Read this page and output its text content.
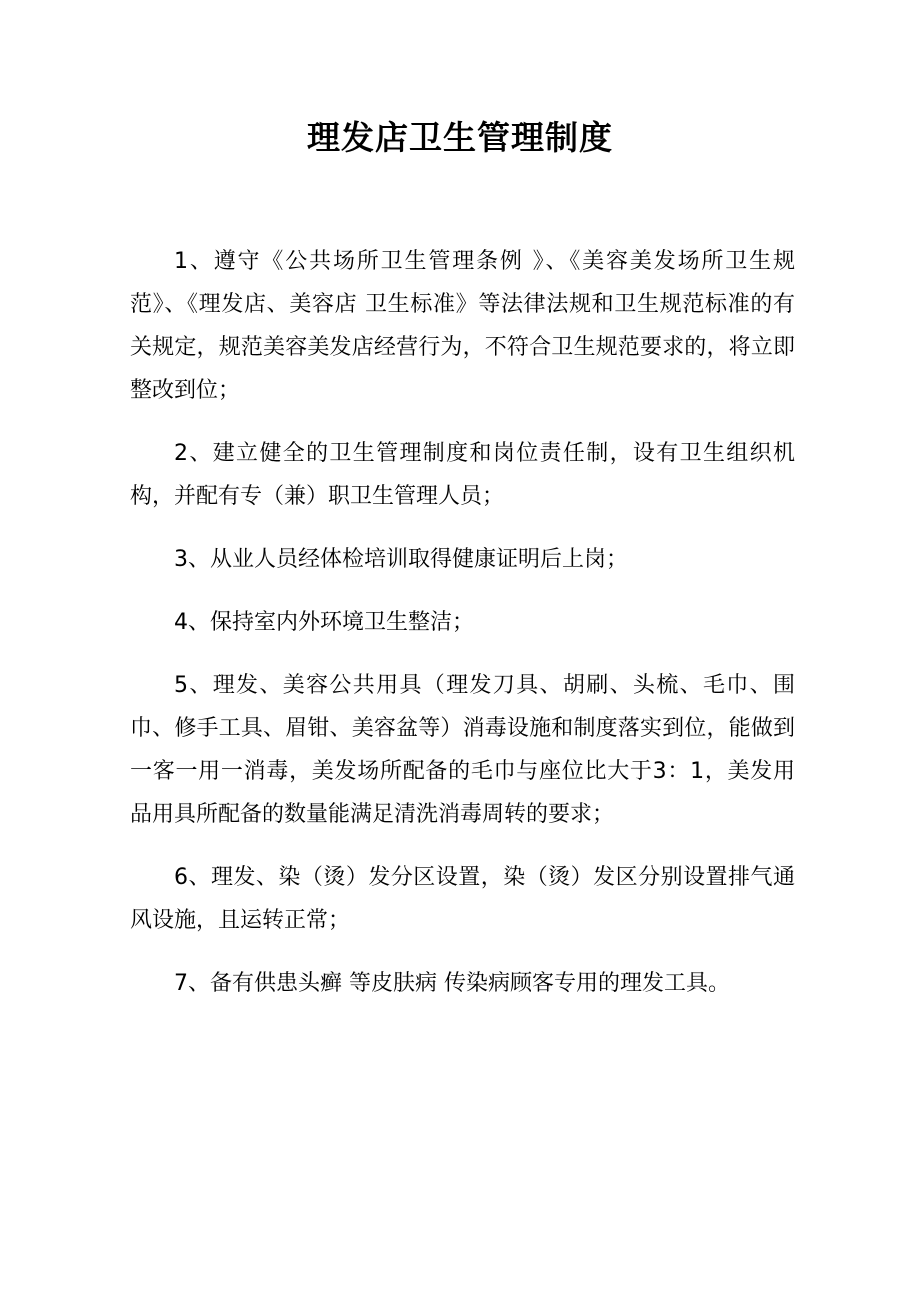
理发店卫生管理制度

1、遵守《公共场所卫生管理条例 》、《美容美发场所卫生规范》、《理发店、美容店 卫生标准》等法律法规和卫生规范标准的有关规定，规范美容美发店经营行为，不符合卫生规范要求的，将立即整改到位；

2、建立健全的卫生管理制度和岗位责任制，设有卫生组织机构，并配有专（兼）职卫生管理人员；

3、从业人员经体检培训取得健康证明后上岗；

4、保持室内外环境卫生整洁；

5、理发、美容公共用具（理发刀具、胡刷、头梳、毛巾、围巾、修手工具、眉钳、美容盆等）消毒设施和制度落实到位，能做到一客一用一消毒，美发场所配备的毛巾与座位比大于3：1，美发用品用具所配备的数量能满足清洗消毒周转的要求；

6、理发、染（烫）发分区设置，染（烫）发区分别设置排气通风设施，且运转正常；

7、备有供患头癣 等皮肤病 传染病顾客专用的理发工具。
